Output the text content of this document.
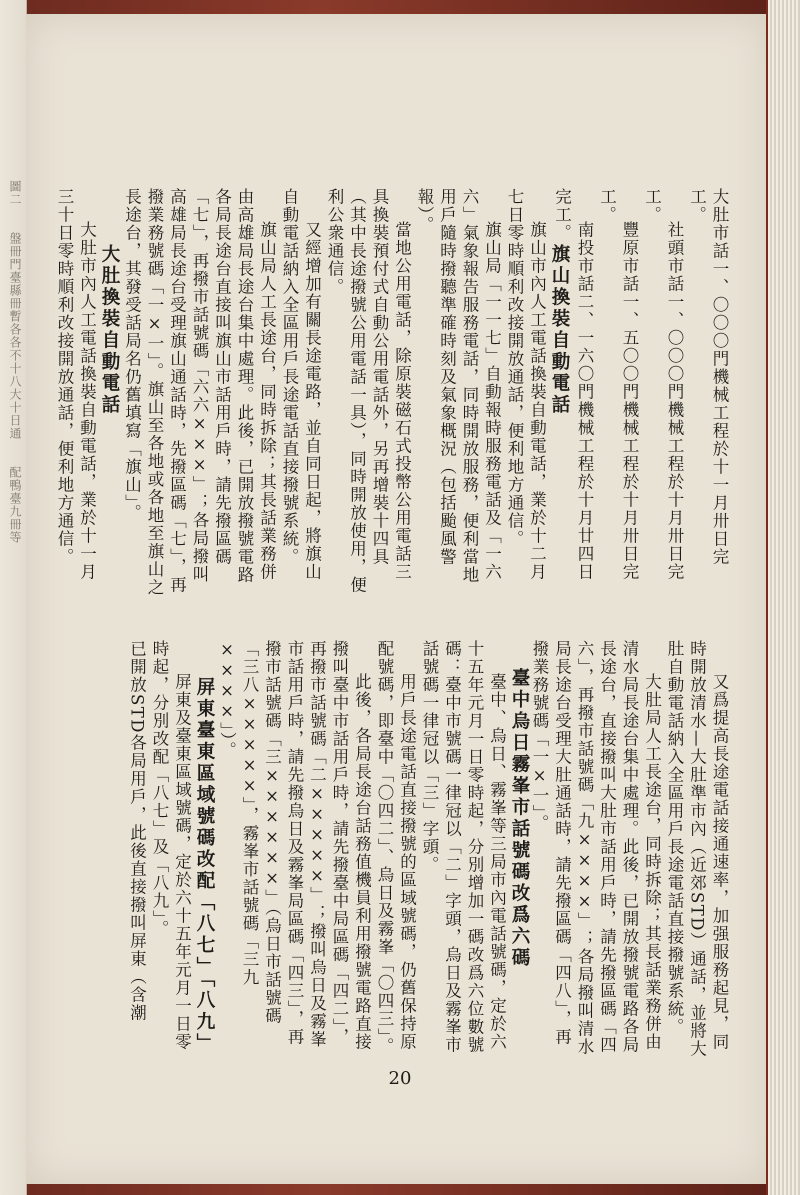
圖二　　盤冊門臺縣冊暫各各不十八大十日通　　配鴨臺九冊等　　	大肚市話一、〇〇〇門機械工程於十一月卅日完工。

社頭市話一、〇〇〇門機械工程於十月卅日完工。

豐原市話一、五〇〇門機械工程於十月卅日完工。

南投市話二、一六〇門機械工程於十月廿四日完工。

旗山換裝自動電話

旗山市內人工電話換裝自動電話，業於十二月七日零時順利改接開放通話，便利地方通信。

旗山局「一一七」自動報時服務電話及「一六六」氣象報告服務電話，同時開放服務，便利當地用戶隨時撥聽準確時刻及氣象概況（包括颱風警報）。

當地公用電話，除原裝磁石式投幣公用電話三具換裝預付式自動公用電話外，另再增裝十四具（其中長途撥號公用電話一具），同時開放使用，便利公衆通信。

又經增加有關長途電路，並自同日起，將旗山自動電話納入全區用戶長途電話直接撥號系統。

旗山局人工長途台，同時拆除；其長話業務併由高雄局長途台集中處理。此後，已開放撥號電路各局長途台直接叫旗山市話用戶時，請先撥區碼「七」，再撥市話號碼「六六×××」；各局撥叫高雄局長途台受理旗山通話時，先撥區碼「七」，再撥業務號碼「一×一」。旗山至各地或各地至旗山之長途台，其發受話局名仍舊填寫「旗山」。

大肚換裝自動電話

大肚市內人工電話換裝自動電話，業於十一月三十日零時順利改接開放通話，便利地方通信。

又爲提高長途電話接通速率，加强服務起見，同時開放清水—大肚準市內（近郊STD）通話，並將大肚自動電話納入全區用戶長途電話直接撥號系統。

大肚局人工長途台，同時拆除；其長話業務併由清水局長途台集中處理。此後，已開放撥號電路各局長途台，直接撥叫大肚市話用戶時，請先撥區碼「四六」，再撥市話號碼「九××××」；各局撥叫清水局長途台受理大肚通話時，請先撥區碼「四八」，再撥業務號碼「一×一」。

臺中烏日霧峯市話號碼改爲六碼

臺中、烏日、霧峯等三局市內電話號碼，定於六十五年元月一日零時起，分別增加一碼改爲六位數號碼：臺中市號碼一律冠以「二」字頭，烏日及霧峯市話號碼一律冠以「三」字頭。

用戶長途電話直接撥號的區域號碼，仍舊保持原配號碼，即臺中「〇四二」、烏日及霧峯「〇四三」。

此後，各局長途台話務值機員利用撥號電路直接撥叫臺中市話用戶時，請先撥臺中局區碼「四二」，再撥市話號碼「二×××××」；撥叫烏日及霧峯市話用戶時，請先撥烏日及霧峯局區碼「四三」，再撥市話號碼「三××××××」（烏日市話號碼「三八×××××」，霧峯市話號碼「三九××××」）。

屏東臺東區域號碼改配「八七」「八九」

屏東及臺東區域號碼，定於六十五年元月一日零時起，分別改配「八七」及「八九」。

已開放STD各局用戶，此後直接撥叫屏東（含潮

20
